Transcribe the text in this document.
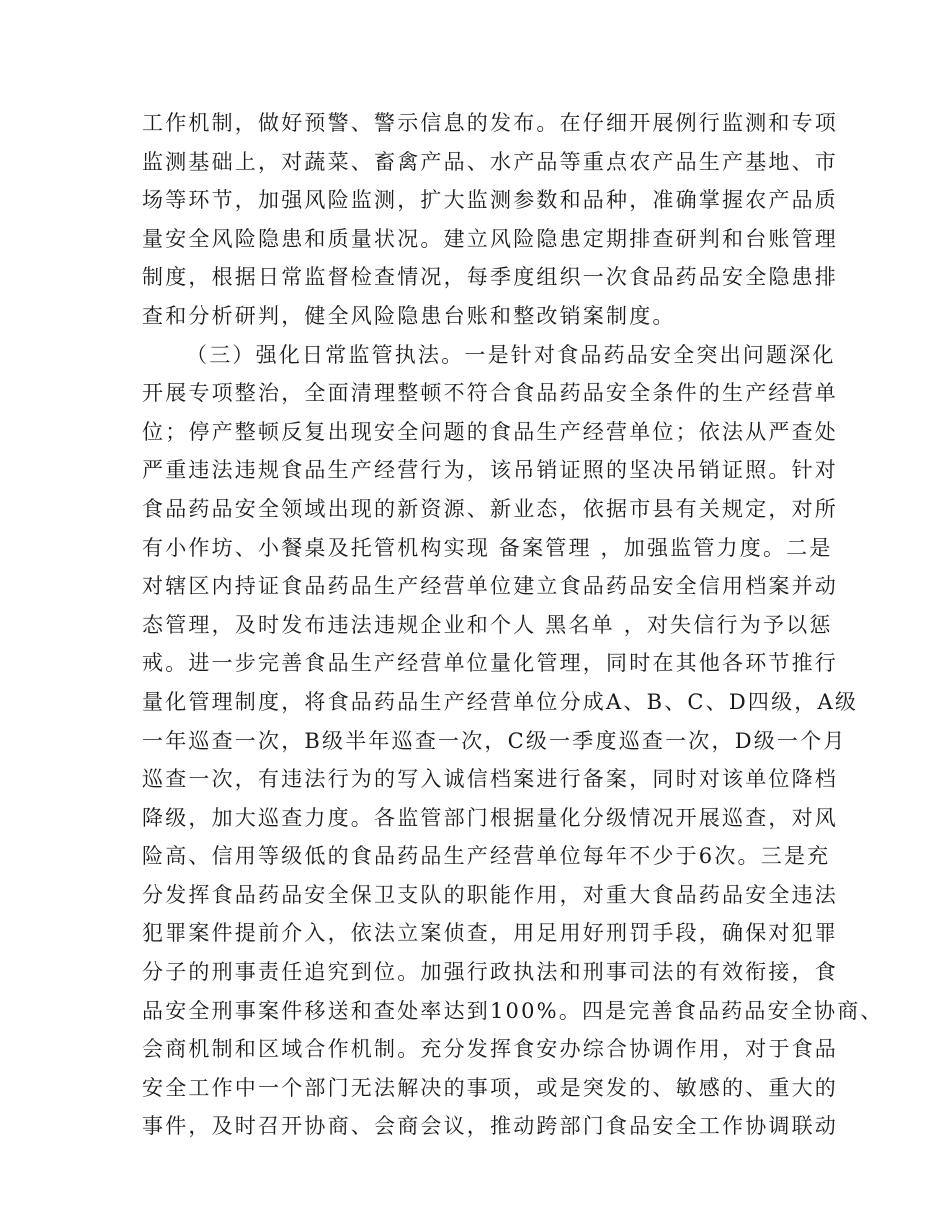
工作机制，做好预警、警示信息的发布。在仔细开展例行监测和专项
监测基础上，对蔬菜、畜禽产品、水产品等重点农产品生产基地、市
场等环节，加强风险监测，扩大监测参数和品种，准确掌握农产品质
量安全风险隐患和质量状况。建立风险隐患定期排查研判和台账管理
制度，根据日常监督检查情况，每季度组织一次食品药品安全隐患排
查和分析研判，健全风险隐患台账和整改销案制度。
（三）强化日常监管执法。一是针对食品药品安全突出问题深化
开展专项整治，全面清理整顿不符合食品药品安全条件的生产经营单
位；停产整顿反复出现安全问题的食品生产经营单位；依法从严查处
严重违法违规食品生产经营行为，该吊销证照的坚决吊销证照。针对
食品药品安全领域出现的新资源、新业态，依据市县有关规定，对所
有小作坊、小餐桌及托管机构实现 备案管理 ，加强监管力度。二是
对辖区内持证食品药品生产经营单位建立食品药品安全信用档案并动
态管理，及时发布违法违规企业和个人 黑名单 ，对失信行为予以惩
戒。进一步完善食品生产经营单位量化管理，同时在其他各环节推行
量化管理制度，将食品药品生产经营单位分成A、B、C、D四级，A级
一年巡查一次，B级半年巡查一次，C级一季度巡查一次，D级一个月
巡查一次，有违法行为的写入诚信档案进行备案，同时对该单位降档
降级，加大巡查力度。各监管部门根据量化分级情况开展巡查，对风
险高、信用等级低的食品药品生产经营单位每年不少于6次。三是充
分发挥食品药品安全保卫支队的职能作用，对重大食品药品安全违法
犯罪案件提前介入，依法立案侦查，用足用好刑罚手段，确保对犯罪
分子的刑事责任追究到位。加强行政执法和刑事司法的有效衔接，食
品安全刑事案件移送和查处率达到100%。四是完善食品药品安全协商、
会商机制和区域合作机制。充分发挥食安办综合协调作用，对于食品
安全工作中一个部门无法解决的事项，或是突发的、敏感的、重大的
事件，及时召开协商、会商会议，推动跨部门食品安全工作协调联动
